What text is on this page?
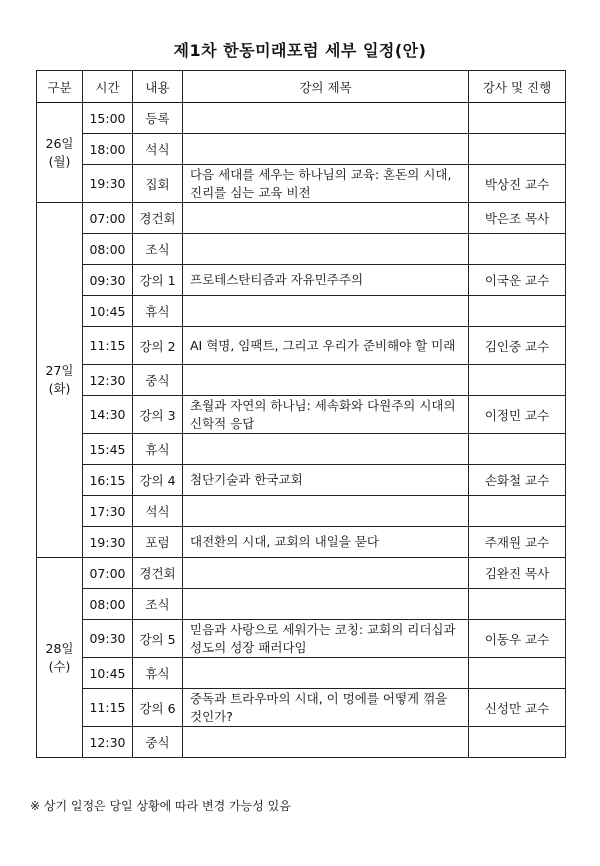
제1차 한동미래포럼 세부 일정(안)
구분	시간	내용	강의 제목	강사 및 진행
26일
(월)	15:00	등록		
	18:00	석식		
	19:30	집회	다음 세대를 세우는 하나님의 교육: 혼돈의 시대, 진리를 심는 교육 비전	박상진 교수
27일
(화)	07:00	경건회		박은조 목사
	08:00	조식		
	09:30	강의 1	프로테스탄티즘과 자유민주주의	이국운 교수
	10:45	휴식		
	11:15	강의 2	AI 혁명, 임팩트, 그리고 우리가 준비해야 할 미래	김인중 교수
	12:30	중식		
	14:30	강의 3	초월과 자연의 하나님: 세속화와 다원주의 시대의 신학적 응답	이정민 교수
	15:45	휴식		
	16:15	강의 4	첨단기술과 한국교회	손화철 교수
	17:30	석식		
	19:30	포럼	대전환의 시대, 교회의 내일을 묻다	주재원 교수
28일
(수)	07:00	경건회		김완진 목사
	08:00	조식		
	09:30	강의 5	믿음과 사랑으로 세워가는 코칭: 교회의 리더십과 성도의 성장 패러다임	이동우 교수
	10:45	휴식		
	11:15	강의 6	중독과 트라우마의 시대, 이 멍에를 어떻게 꺾을 것인가?	신성만 교수
	12:30	중식		
※ 상기 일정은 당일 상황에 따라 변경 가능성 있음
